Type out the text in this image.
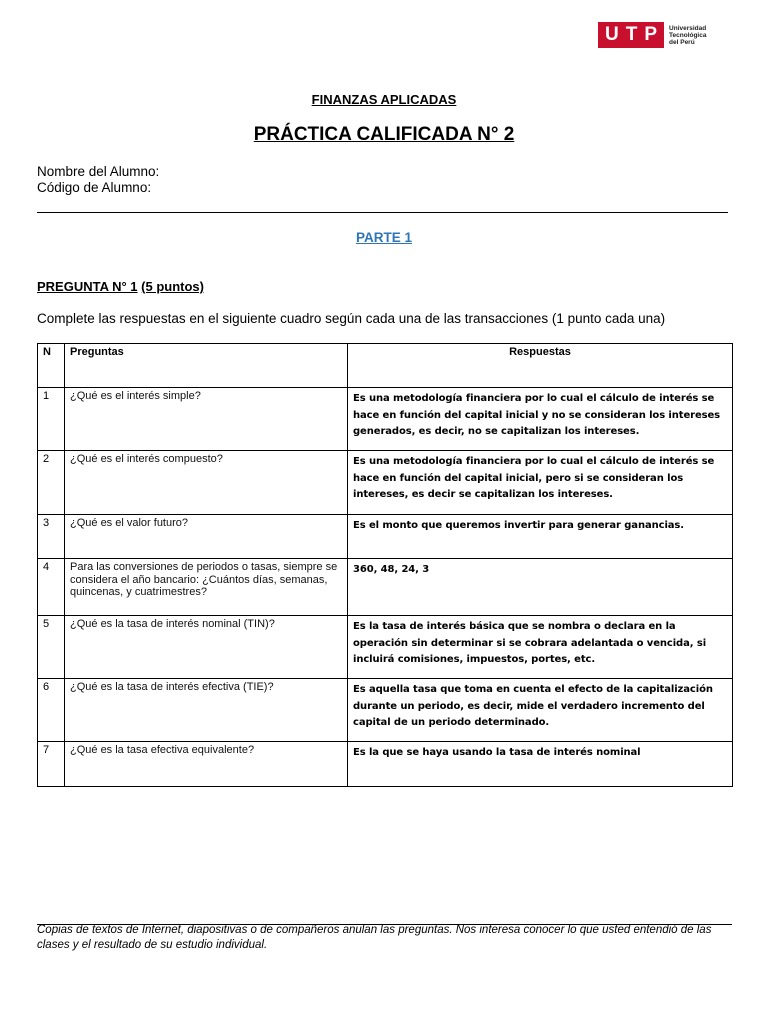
U T P Universidad
Tecnológica
del Perú
FINANZAS APLICADAS
PRÁCTICA CALIFICADA N° 2
Nombre del Alumno:
Código de Alumno:
PARTE 1
PREGUNTA N° 1 (5 puntos)
Complete las respuestas en el siguiente cuadro según cada una de las transacciones (1 punto cada una)
N	Preguntas	Respuestas
1	¿Qué es el interés simple?	Es una metodología financiera por lo cual el cálculo de interés se hace en función del capital inicial y no se consideran los intereses generados, es decir, no se capitalizan los intereses.
2	¿Qué es el interés compuesto?	Es una metodología financiera por lo cual el cálculo de interés se hace en función del capital inicial, pero si se consideran los intereses, es decir se capitalizan los intereses.
3	¿Qué es el valor futuro?	Es el monto que queremos invertir para generar ganancias.
4	Para las conversiones de periodos o tasas, siempre se considera el año bancario: ¿Cuántos días, semanas, quincenas, y cuatrimestres?	360, 48, 24, 3
5	¿Qué es la tasa de interés nominal (TIN)?	Es la tasa de interés básica que se nombra o declara en la operación sin determinar si se cobrara adelantada o vencida, si incluirá comisiones, impuestos, portes, etc.
6	¿Qué es la tasa de interés efectiva (TIE)?	Es aquella tasa que toma en cuenta el efecto de la capitalización durante un periodo, es decir, mide el verdadero incremento del capital de un periodo determinado.
7	¿Qué es la tasa efectiva equivalente?	Es la que se haya usando la tasa de interés nominal
Copias de textos de Internet, diapositivas o de compañeros anulan las preguntas. Nos interesa conocer lo que usted entendió de las clases y el resultado de su estudio individual.
